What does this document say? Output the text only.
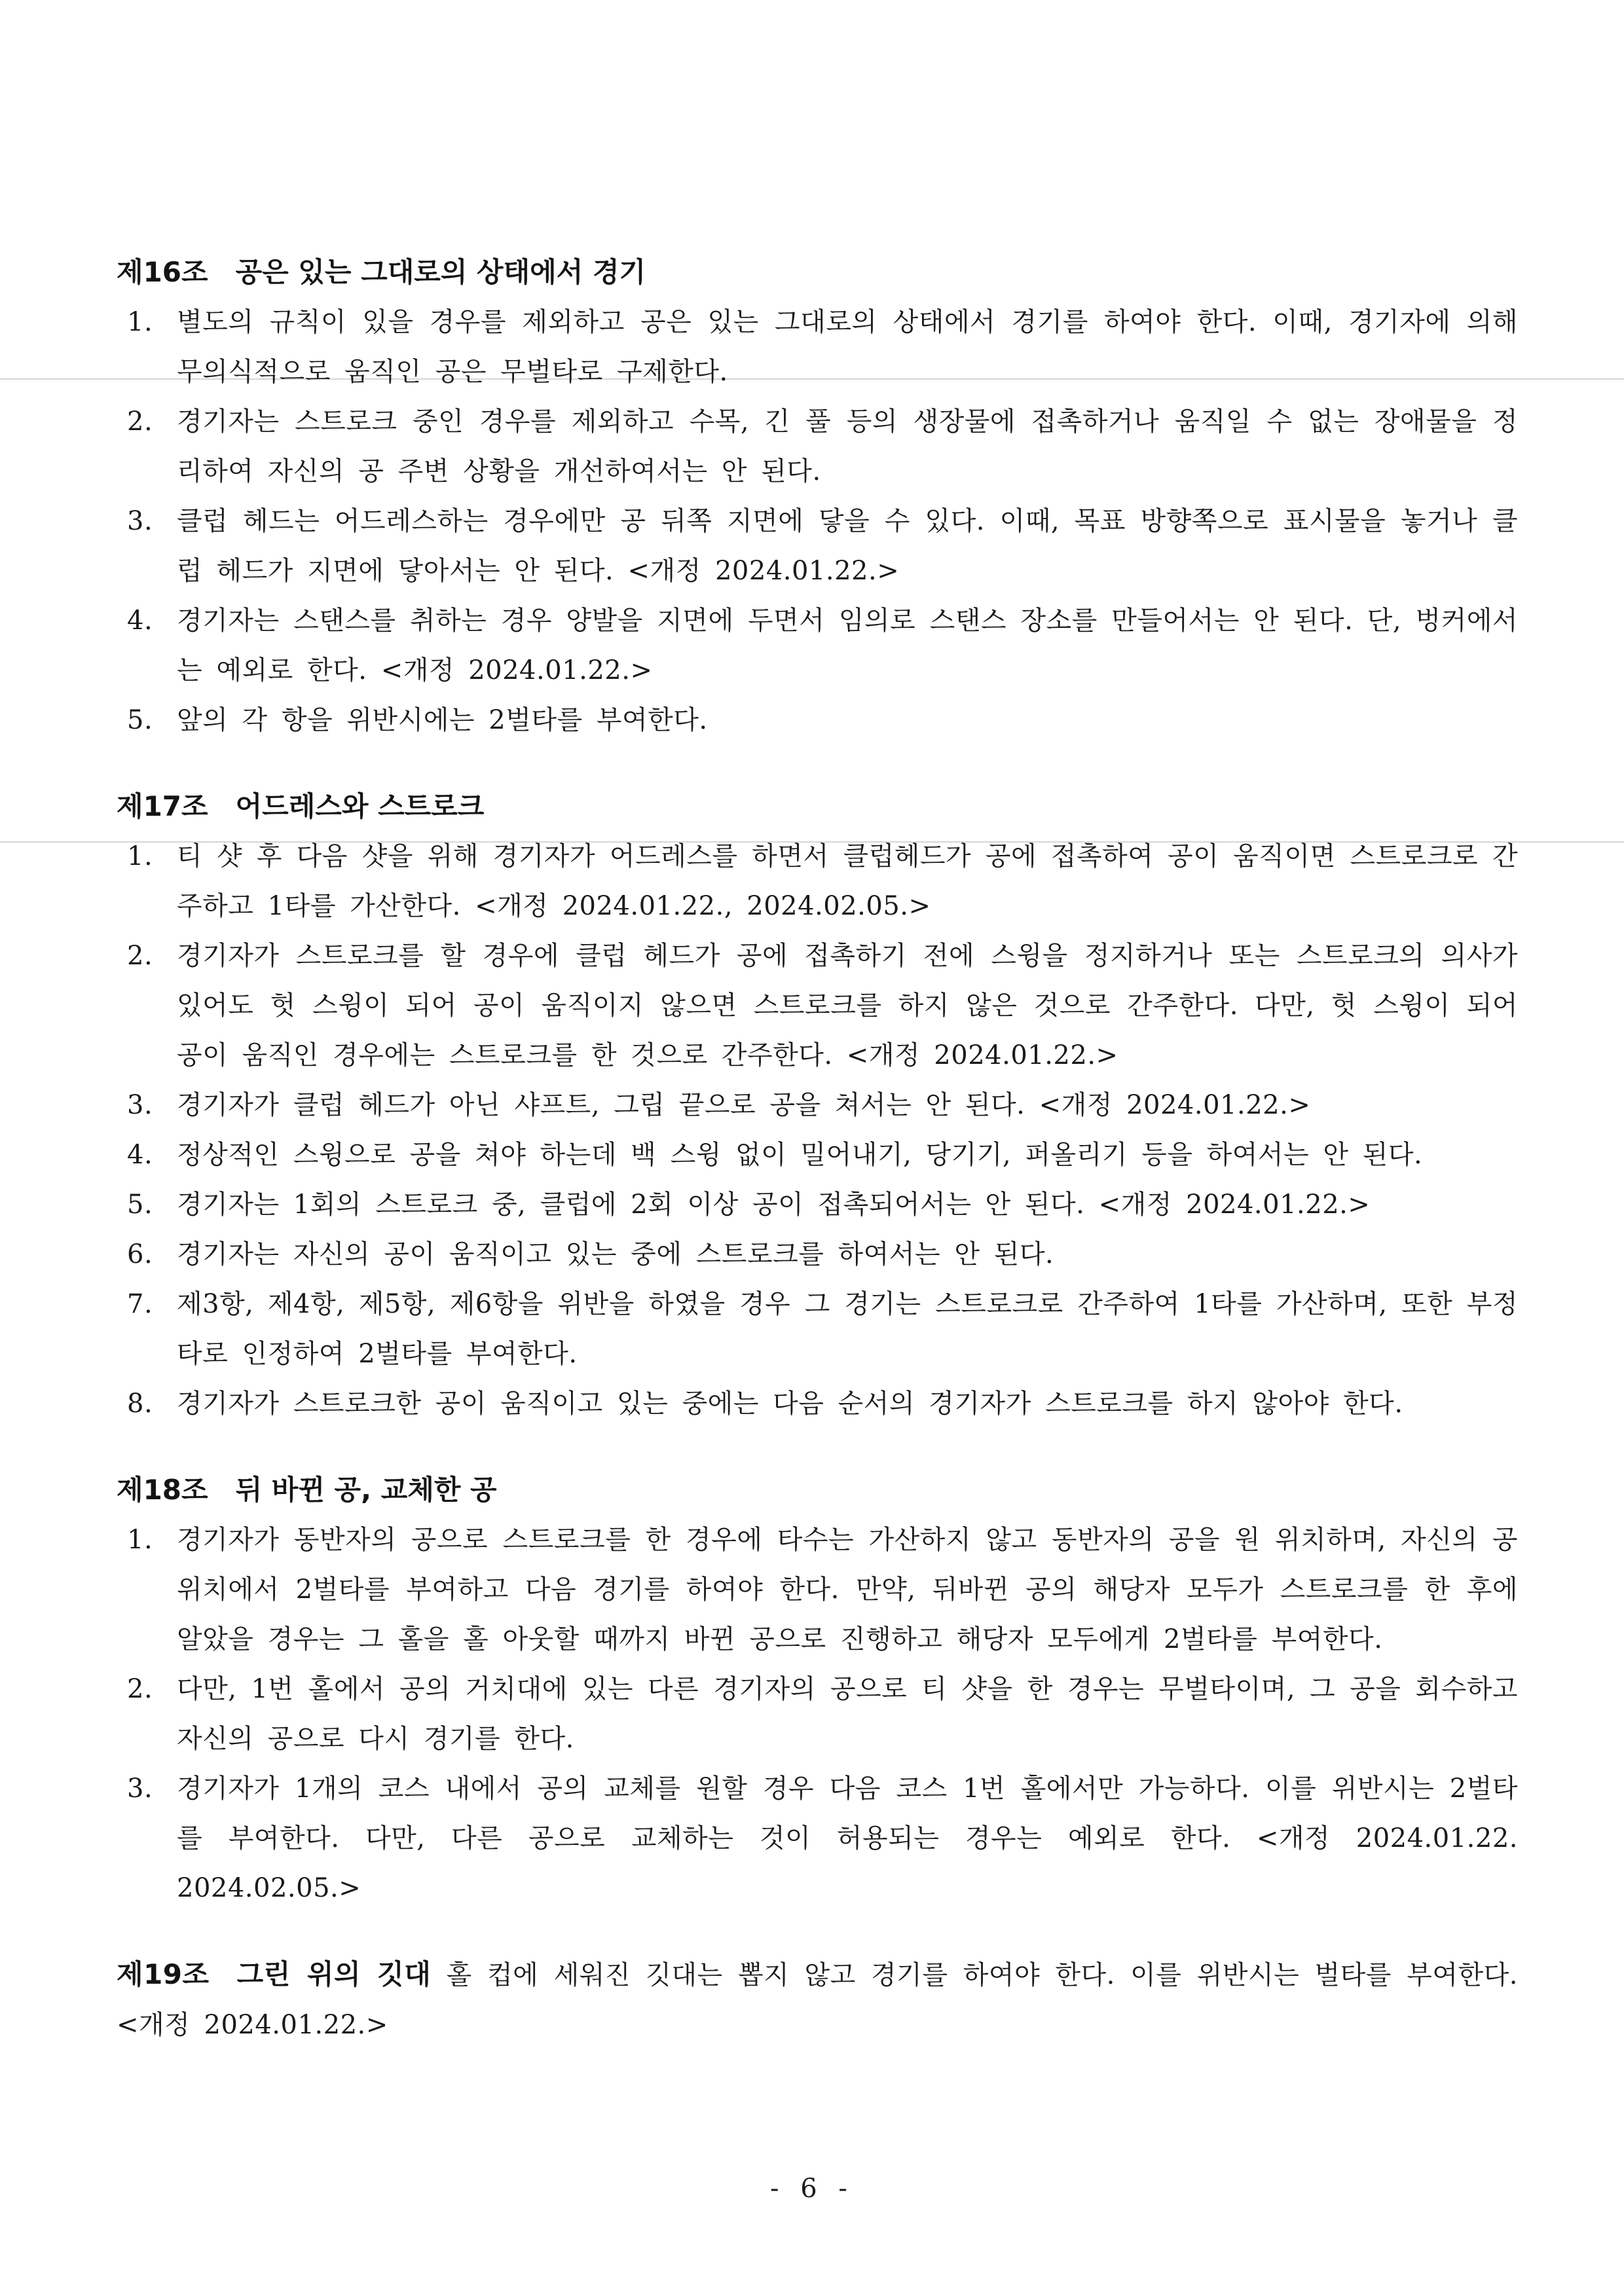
제16조 공은 있는 그대로의 상태에서 경기
1. 별도의 규칙이 있을 경우를 제외하고 공은 있는 그대로의 상태에서 경기를 하여야 한다. 이때, 경기자에 의해 무의식적으로 움직인 공은 무벌타로 구제한다.
2. 경기자는 스트로크 중인 경우를 제외하고 수목, 긴 풀 등의 생장물에 접촉하거나 움직일 수 없는 장애물을 정리하여 자신의 공 주변 상황을 개선하여서는 안 된다.
3. 클럽 헤드는 어드레스하는 경우에만 공 뒤쪽 지면에 닿을 수 있다. 이때, 목표 방향쪽으로 표시물을 놓거나 클럽 헤드가 지면에 닿아서는 안 된다. <개정 2024.01.22.>
4. 경기자는 스탠스를 취하는 경우 양발을 지면에 두면서 임의로 스탠스 장소를 만들어서는 안 된다. 단, 벙커에서는 예외로 한다. <개정 2024.01.22.>
5. 앞의 각 항을 위반시에는 2벌타를 부여한다.
제17조 어드레스와 스트로크
1. 티 샷 후 다음 샷을 위해 경기자가 어드레스를 하면서 클럽헤드가 공에 접촉하여 공이 움직이면 스트로크로 간주하고 1타를 가산한다. <개정 2024.01.22., 2024.02.05.>
2. 경기자가 스트로크를 할 경우에 클럽 헤드가 공에 접촉하기 전에 스윙을 정지하거나 또는 스트로크의 의사가 있어도 헛 스윙이 되어 공이 움직이지 않으면 스트로크를 하지 않은 것으로 간주한다. 다만, 헛 스윙이 되어 공이 움직인 경우에는 스트로크를 한 것으로 간주한다. <개정 2024.01.22.>
3. 경기자가 클럽 헤드가 아닌 샤프트, 그립 끝으로 공을 쳐서는 안 된다. <개정 2024.01.22.>
4. 정상적인 스윙으로 공을 쳐야 하는데 백 스윙 없이 밀어내기, 당기기, 퍼올리기 등을 하여서는 안 된다.
5. 경기자는 1회의 스트로크 중, 클럽에 2회 이상 공이 접촉되어서는 안 된다. <개정 2024.01.22.>
6. 경기자는 자신의 공이 움직이고 있는 중에 스트로크를 하여서는 안 된다.
7. 제3항, 제4항, 제5항, 제6항을 위반을 하였을 경우 그 경기는 스트로크로 간주하여 1타를 가산하며, 또한 부정타로 인정하여 2벌타를 부여한다.
8. 경기자가 스트로크한 공이 움직이고 있는 중에는 다음 순서의 경기자가 스트로크를 하지 않아야 한다.
제18조 뒤 바뀐 공, 교체한 공
1. 경기자가 동반자의 공으로 스트로크를 한 경우에 타수는 가산하지 않고 동반자의 공을 원 위치하며, 자신의 공 위치에서 2벌타를 부여하고 다음 경기를 하여야 한다. 만약, 뒤바뀐 공의 해당자 모두가 스트로크를 한 후에 알았을 경우는 그 홀을 홀 아웃할 때까지 바뀐 공으로 진행하고 해당자 모두에게 2벌타를 부여한다.
2. 다만, 1번 홀에서 공의 거치대에 있는 다른 경기자의 공으로 티 샷을 한 경우는 무벌타이며, 그 공을 회수하고 자신의 공으로 다시 경기를 한다.
3. 경기자가 1개의 코스 내에서 공의 교체를 원할 경우 다음 코스 1번 홀에서만 가능하다. 이를 위반시는 2벌타를 부여한다. 다만, 다른 공으로 교체하는 것이 허용되는 경우는 예외로 한다. <개정 2024.01.22. 2024.02.05.>
제19조 그린 위의 깃대 홀 컵에 세워진 깃대는 뽑지 않고 경기를 하여야 한다. 이를 위반시는 벌타를 부여한다. <개정 2024.01.22.>
- 6 -
